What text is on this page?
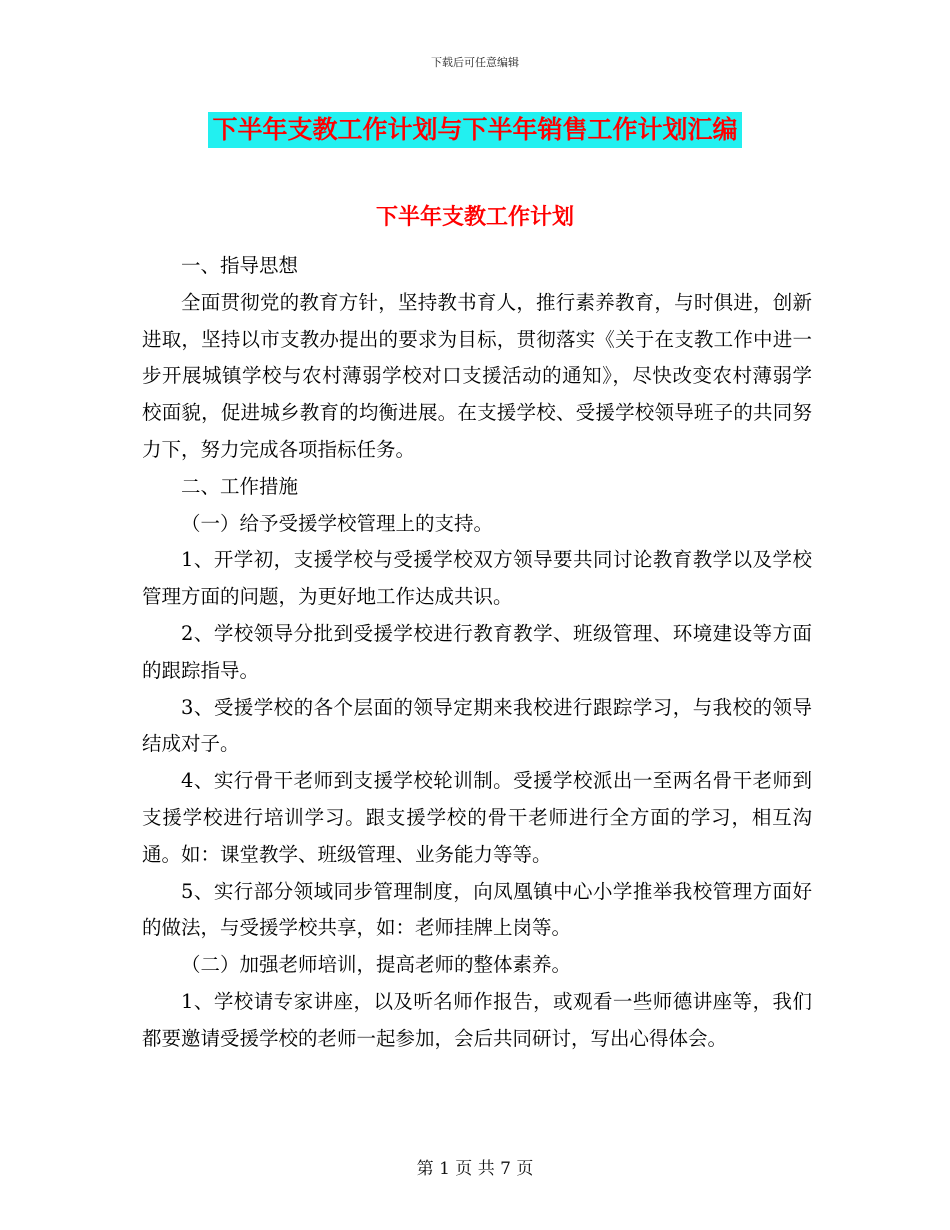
下载后可任意编辑
下半年支教工作计划与下半年销售工作计划汇编
下半年支教工作计划

一、指导思想

全面贯彻党的教育方针，坚持教书育人，推行素养教育，与时俱进，创新进取，坚持以市支教办提出的要求为目标，贯彻落实《关于在支教工作中进一步开展城镇学校与农村薄弱学校对口支援活动的通知》，尽快改变农村薄弱学校面貌，促进城乡教育的均衡进展。在支援学校、受援学校领导班子的共同努力下，努力完成各项指标任务。

二、工作措施

（一）给予受援学校管理上的支持。

1、开学初，支援学校与受援学校双方领导要共同讨论教育教学以及学校管理方面的问题，为更好地工作达成共识。

2、学校领导分批到受援学校进行教育教学、班级管理、环境建设等方面的跟踪指导。

3、受援学校的各个层面的领导定期来我校进行跟踪学习，与我校的领导结成对子。

4、实行骨干老师到支援学校轮训制。受援学校派出一至两名骨干老师到支援学校进行培训学习。跟支援学校的骨干老师进行全方面的学习，相互沟通。如：课堂教学、班级管理、业务能力等等。

5、实行部分领域同步管理制度，向凤凰镇中心小学推举我校管理方面好的做法，与受援学校共享，如：老师挂牌上岗等。

（二）加强老师培训，提高老师的整体素养。

1、学校请专家讲座，以及听名师作报告，或观看一些师德讲座等，我们都要邀请受援学校的老师一起参加，会后共同研讨，写出心得体会。

第 1 页 共 7 页
